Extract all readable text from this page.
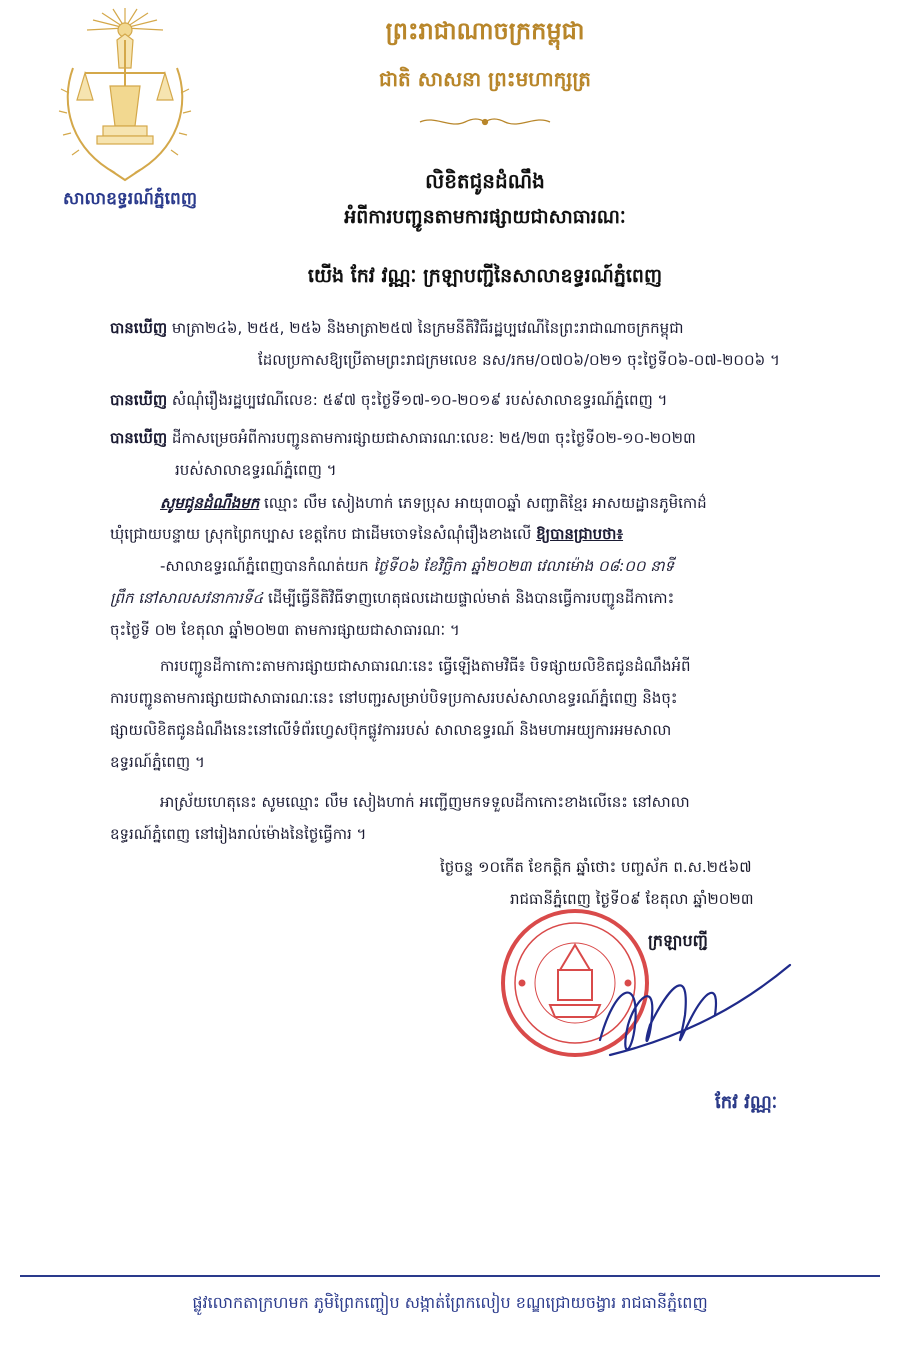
សាលាឧទ្ធរណ៍ភ្នំពេញ
ព្រះរាជាណាចក្រកម្ពុជា
ជាតិ សាសនា ព្រះមហាក្សត្រ
លិខិតជូនដំណឹង
អំពីការបញ្ជូនតាមការផ្សាយជាសាធារណៈ
យើង កែវ វណ្ណៈ ក្រឡាបញ្ជីនៃសាលាឧទ្ធរណ៍ភ្នំពេញ
បានឃើញ មាត្រា២៤៦, ២៥៥, ២៥៦ និងមាត្រា២៥៧ នៃក្រមនីតិវិធីរដ្ឋប្បវេណីនៃព្រះរាជាណាចក្រកម្ពុជា
ដែលប្រកាសឱ្យប្រើតាមព្រះរាជក្រមលេខ នស/រកម/០៧០៦/០២១ ចុះថ្ងៃទី០៦-០៧-២០០៦ ។
បានឃើញ សំណុំរឿងរដ្ឋប្បវេណីលេខ: ៥៩៧ ចុះថ្ងៃទី១៧-១០-២០១៩ របស់សាលាឧទ្ធរណ៍ភ្នំពេញ ។
បានឃើញ ដីកាសម្រេចអំពីការបញ្ជូនតាមការផ្សាយជាសាធារណៈលេខ: ២៥/២៣ ចុះថ្ងៃទី០២-១០-២០២៣
របស់សាលាឧទ្ធរណ៍ភ្នំពេញ ។
សូមជូនដំណឹងមក ឈ្មោះ លឹម សៀងហាក់ ភេទប្រុស អាយុ៣០ឆ្នាំ សញ្ជាតិខ្មែរ អាសយដ្ឋានភូមិកោដ៌
ឃុំជ្រោយបន្ទាយ ស្រុកព្រៃកប្បាស ខេត្តកែប ជាដើមចោទនៃសំណុំរឿងខាងលើ ឱ្យបានជ្រាបថា៖
-សាលាឧទ្ធរណ៍ភ្នំពេញបានកំណត់យក ថ្ងៃទី០៦ ខែវិច្ឆិកា ឆ្នាំ២០២៣ វេលាម៉ោង ០៨:០០ នាទី
ព្រឹក នៅសាលសវនាការទី៤ ដើម្បីធ្វើនីតិវិធីទាញហេតុផលដោយផ្ទាល់មាត់ និងបានធ្វើការបញ្ជូនដីកាកោះ
ចុះថ្ងៃទី ០២ ខែតុលា ឆ្នាំ២០២៣ តាមការផ្សាយជាសាធារណៈ ។
ការបញ្ជូនដីកាកោះតាមការផ្សាយជាសាធារណៈនេះ ធ្វើឡើងតាមវិធី៖ បិទផ្សាយលិខិតជូនដំណឹងអំពី
ការបញ្ជូនតាមការផ្សាយជាសាធារណៈនេះ នៅបញ្ជរសម្រាប់បិទប្រកាសរបស់សាលាឧទ្ធរណ៍ភ្នំពេញ និងចុះ
ផ្សាយលិខិតជូនដំណឹងនេះនៅលើទំព័រហ្វេសប៊ុកផ្លូវការរបស់ សាលាឧទ្ធរណ៍ និងមហាអយ្យការអមសាលា
ឧទ្ធរណ៍ភ្នំពេញ ។
អាស្រ័យហេតុនេះ សូមឈ្មោះ លឹម សៀងហាក់ អញ្ជើញមកទទួលដីកាកោះខាងលើនេះ នៅសាលា
ឧទ្ធរណ៍ភ្នំពេញ នៅរៀងរាល់ម៉ោងនៃថ្ងៃធ្វើការ ។
ថ្ងៃចន្ទ ១០កើត ខែកត្តិក ឆ្នាំថោះ បញ្ចស័ក ព.ស.២៥៦៧
រាជធានីភ្នំពេញ ថ្ងៃទី០៩ ខែតុលា ឆ្នាំ២០២៣
ក្រឡាបញ្ជី
កែវ វណ្ណៈ
ផ្លូវលោកតាក្រហមក ភូមិព្រៃកញ្ចៀប សង្កាត់ព្រែកលៀប ខណ្ឌជ្រោយចង្វារ រាជធានីភ្នំពេញ
